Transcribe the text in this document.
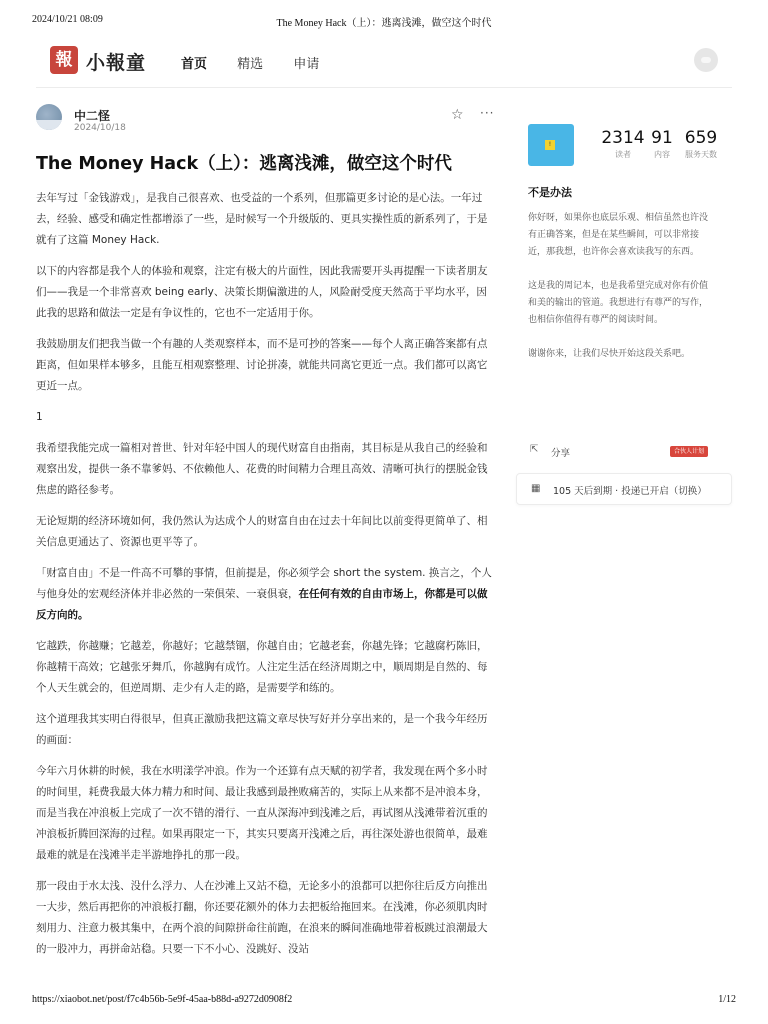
2024/10/21 08:09	The Money Hack（上）：逃离浅滩，做空这个时代
報 小報童	首页 精选 申请
中二怪
2024/10/18
☆ ···
The Money Hack（上）：逃离浅滩，做空这个时代

去年写过「金钱游戏」，是我自己很喜欢、也受益的一个系列，但那篇更多讨论的是心法。一年过去，经验、感受和确定性都增添了一些，是时候写一个升级版的、更具实操性质的新系列了，于是就有了这篇 Money Hack.

以下的内容都是我个人的体验和观察，注定有极大的片面性，因此我需要开头再提醒一下读者朋友们——我是一个非常喜欢 being early、决策长期偏激进的人，风险耐受度天然高于平均水平，因此我的思路和做法一定是有争议性的，它也不一定适用于你。

我鼓励朋友们把我当做一个有趣的人类观察样本，而不是可抄的答案——每个人离正确答案都有点距离，但如果样本够多，且能互相观察整理、讨论拼凑，就能共同离它更近一点。我们都可以离它更近一点。

1

我希望我能完成一篇相对普世、针对年轻中国人的现代财富自由指南，其目标是从我自己的经验和观察出发，提供一条不靠爹妈、不依赖他人、花费的时间精力合理且高效、清晰可执行的摆脱金钱焦虑的路径参考。

无论短期的经济环境如何，我仍然认为达成个人的财富自由在过去十年间比以前变得更简单了、相关信息更通达了、资源也更平等了。

「财富自由」不是一件高不可攀的事情，但前提是，你必须学会 short the system. 换言之，个人与他身处的宏观经济体并非必然的一荣俱荣、一衰俱衰，在任何有效的自由市场上，你都是可以做反方向的。

它越跌，你越赚；它越差，你越好；它越禁锢，你越自由；它越老套，你越先锋；它越腐朽陈旧，你越精干高效；它越张牙舞爪，你越胸有成竹。人注定生活在经济周期之中，顺周期是自然的、每个人天生就会的，但逆周期、走少有人走的路，是需要学和练的。

这个道理我其实明白得很早，但真正激励我把这篇文章尽快写好并分享出来的，是一个我今年经历的画面：

今年六月休耕的时候，我在水明漾学冲浪。作为一个还算有点天赋的初学者，我发现在两个多小时的时间里，耗费我最大体力精力和时间、最让我感到最挫败痛苦的，实际上从来都不是冲浪本身，而是当我在冲浪板上完成了一次不错的滑行、一直从深海冲到浅滩之后，再试图从浅滩带着沉重的冲浪板折腾回深海的过程。如果再限定一下，其实只要离开浅滩之后，再往深处游也很简单，最难最难的就是在浅滩半走半游地挣扎的那一段。

那一段由于水太浅、没什么浮力、人在沙滩上又站不稳，无论多小的浪都可以把你往后反方向推出一大步，然后再把你的冲浪板打翻，你还要花额外的体力去把板给拖回来。在浅滩，你必须肌肉时刻用力、注意力极其集中，在两个浪的间隙拼命往前跑，在浪来的瞬间准确地带着板跳过浪潮最大的一股冲力，再拼命站稳。只要一下不小心、没跳好、没站

!
2314
读者
91
内容
659
服务天数
不是办法

你好呀，如果你也底层乐观、相信虽然也许没有正确答案，但是在某些瞬间，可以非常接近，那我想，也许你会喜欢读我写的东西。

这是我的周记本，也是我希望完成对你有价值和美的输出的管道。我想进行有尊严的写作，也相信你值得有尊严的阅读时间。

谢谢你来，让我们尽快开始这段关系吧。

⇱ 分享	合伙人计划
▦ 105 天后到期 · 投递已开启（切换）
https://xiaobot.net/post/f7c4b56b-5e9f-45aa-b88d-a9272d0908f2	1/12
